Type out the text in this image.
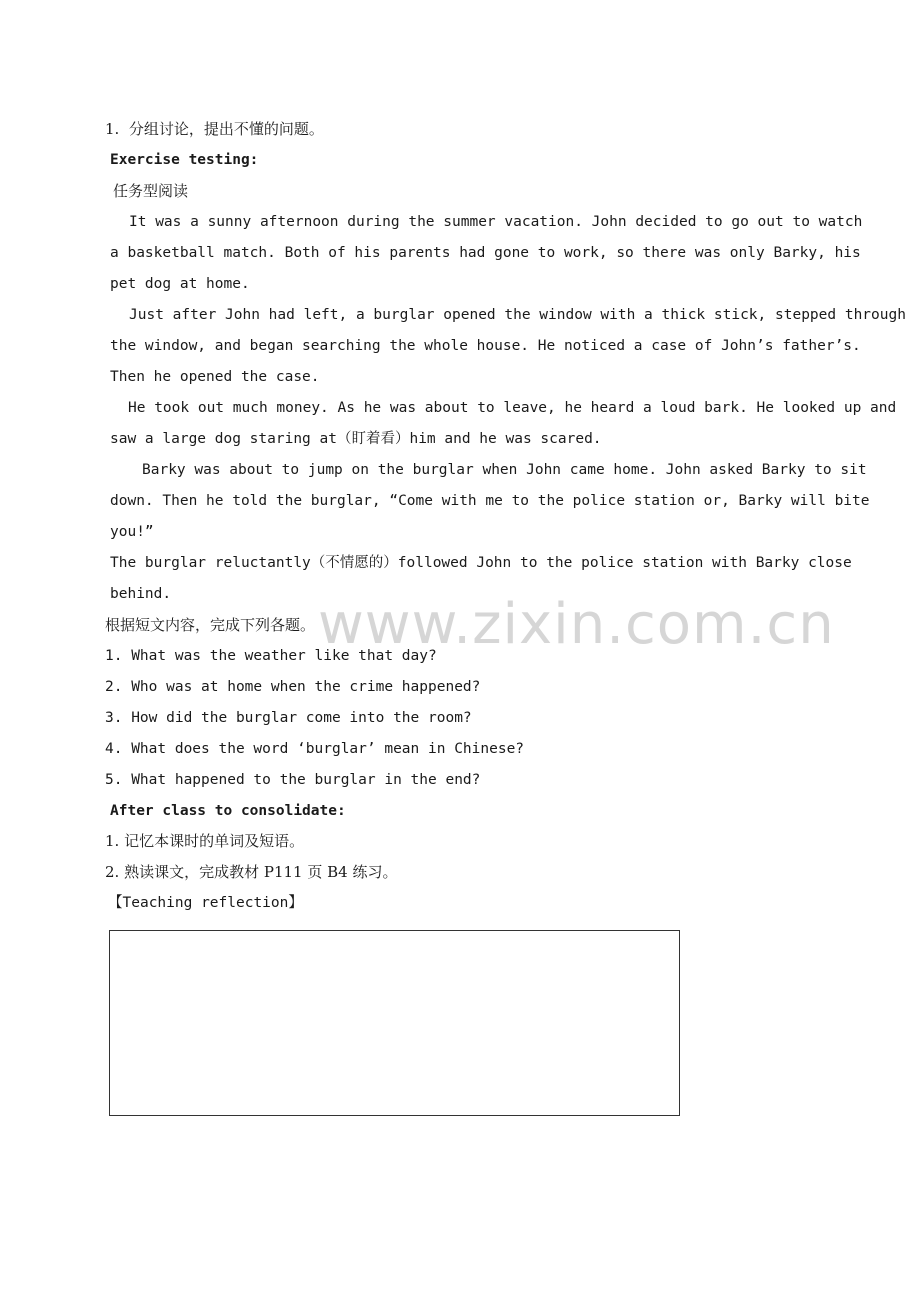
1.  分组讨论，提出不懂的问题。
Exercise testing:
任务型阅读
It was a sunny afternoon during the summer vacation. John decided to go out to watch
a basketball match. Both of his parents had gone to work, so there was only Barky, his
pet dog at home.
Just after John had left, a burglar opened the window with a thick stick, stepped through
the window, and began searching the whole house. He noticed a case of John’s father’s.
Then he opened the case.
He took out much money. As he was about to leave, he heard a loud bark. He looked up and
saw a large dog staring at（盯着看）him and he was scared.
Barky was about to jump on the burglar when John came home. John asked Barky to sit
down. Then he told the burglar, “Come with me to the police station or, Barky will bite
you!”
The burglar reluctantly（不情愿的）followed John to the police station with Barky close
behind.	www.zixin.com.cn
根据短文内容，完成下列各题。
1. What was the weather like that day?
2. Who was at home when the crime happened?
3. How did the burglar come into the room?
4. What does the word ‘burglar’ mean in Chinese?
5. What happened to the burglar in the end?
After class to consolidate:
1. 记忆本课时的单词及短语。
2. 熟读课文，完成教材 P111 页 B4 练习。
【Teaching reflection】
